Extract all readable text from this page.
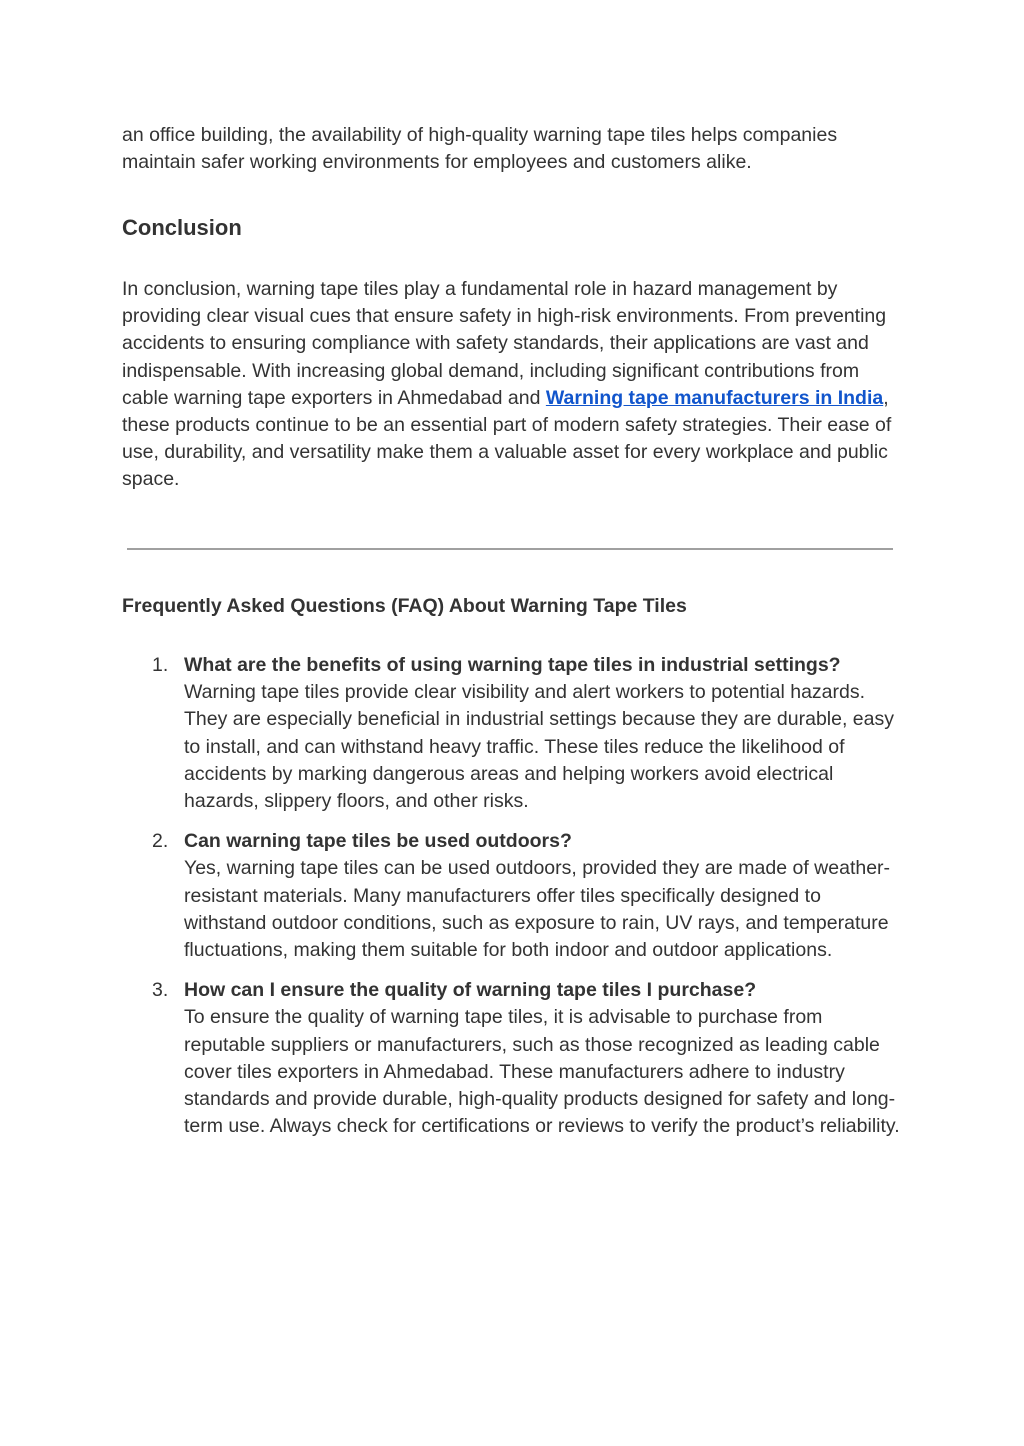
an office building, the availability of high-quality warning tape tiles helps companies maintain safer working environments for employees and customers alike.

Conclusion

In conclusion, warning tape tiles play a fundamental role in hazard management by providing clear visual cues that ensure safety in high-risk environments. From preventing accidents to ensuring compliance with safety standards, their applications are vast and indispensable. With increasing global demand, including significant contributions from cable warning tape exporters in Ahmedabad and Warning tape manufacturers in India, these products continue to be an essential part of modern safety strategies. Their ease of use, durability, and versatility make them a valuable asset for every workplace and public space.

Frequently Asked Questions (FAQ) About Warning Tape Tiles
1. What are the benefits of using warning tape tiles in industrial settings?
Warning tape tiles provide clear visibility and alert workers to potential hazards. They are especially beneficial in industrial settings because they are durable, easy to install, and can withstand heavy traffic. These tiles reduce the likelihood of accidents by marking dangerous areas and helping workers avoid electrical hazards, slippery floors, and other risks.
2. Can warning tape tiles be used outdoors?
Yes, warning tape tiles can be used outdoors, provided they are made of weather-resistant materials. Many manufacturers offer tiles specifically designed to withstand outdoor conditions, such as exposure to rain, UV rays, and temperature fluctuations, making them suitable for both indoor and outdoor applications.
3. How can I ensure the quality of warning tape tiles I purchase?
To ensure the quality of warning tape tiles, it is advisable to purchase from reputable suppliers or manufacturers, such as those recognized as leading cable cover tiles exporters in Ahmedabad. These manufacturers adhere to industry standards and provide durable, high-quality products designed for safety and long-term use. Always check for certifications or reviews to verify the product’s reliability.
